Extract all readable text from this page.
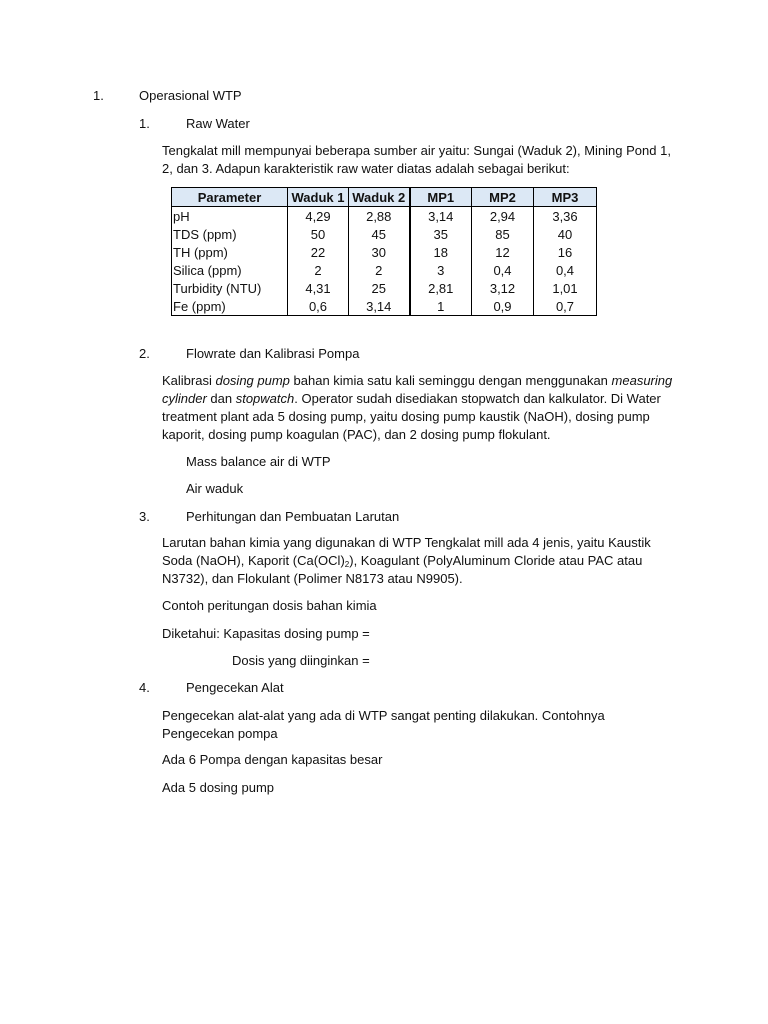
1.	Operasional WTP
1.	Raw Water

Tengkalat mill mempunyai beberapa sumber air yaitu: Sungai (Waduk 2), Mining Pond 1, 2, dan 3. Adapun karakteristik raw water diatas adalah sebagai berikut:

Parameter	Waduk 1	Waduk 2	MP1	MP2	MP3
pH	4,29	2,88	3,14	2,94	3,36
TDS (ppm)	50	45	35	85	40
TH (ppm)	22	30	18	12	16
Silica (ppm)	2	2	3	0,4	0,4
Turbidity (NTU)	4,31	25	2,81	3,12	1,01
Fe (ppm)	0,6	3,14	1	0,9	0,7
2.	Flowrate dan Kalibrasi Pompa

Kalibrasi dosing pump bahan kimia satu kali seminggu dengan menggunakan measuring cylinder dan stopwatch. Operator sudah disediakan stopwatch dan kalkulator. Di Water treatment plant ada 5 dosing pump, yaitu dosing pump kaustik (NaOH), dosing pump kaporit, dosing pump koagulan (PAC), dan 2 dosing pump flokulant.

Mass balance air di WTP
Air waduk
3.	Perhitungan dan Pembuatan Larutan

Larutan bahan kimia yang digunakan di WTP Tengkalat mill ada 4 jenis, yaitu Kaustik Soda (NaOH), Kaporit $(Ca(OCl)_2)$, Koagulant (PolyAluminum Cloride atau PAC atau N3732), dan Flokulant (Polimer N8173 atau N9905).

Contoh peritungan dosis bahan kimia
Diketahui: Kapasitas dosing pump =
Dosis yang diinginkan =
4.	Pengecekan Alat

Pengecekan alat-alat yang ada di WTP sangat penting dilakukan. Contohnya Pengecekan pompa

Ada 6 Pompa dengan kapasitas besar
Ada 5 dosing pump
